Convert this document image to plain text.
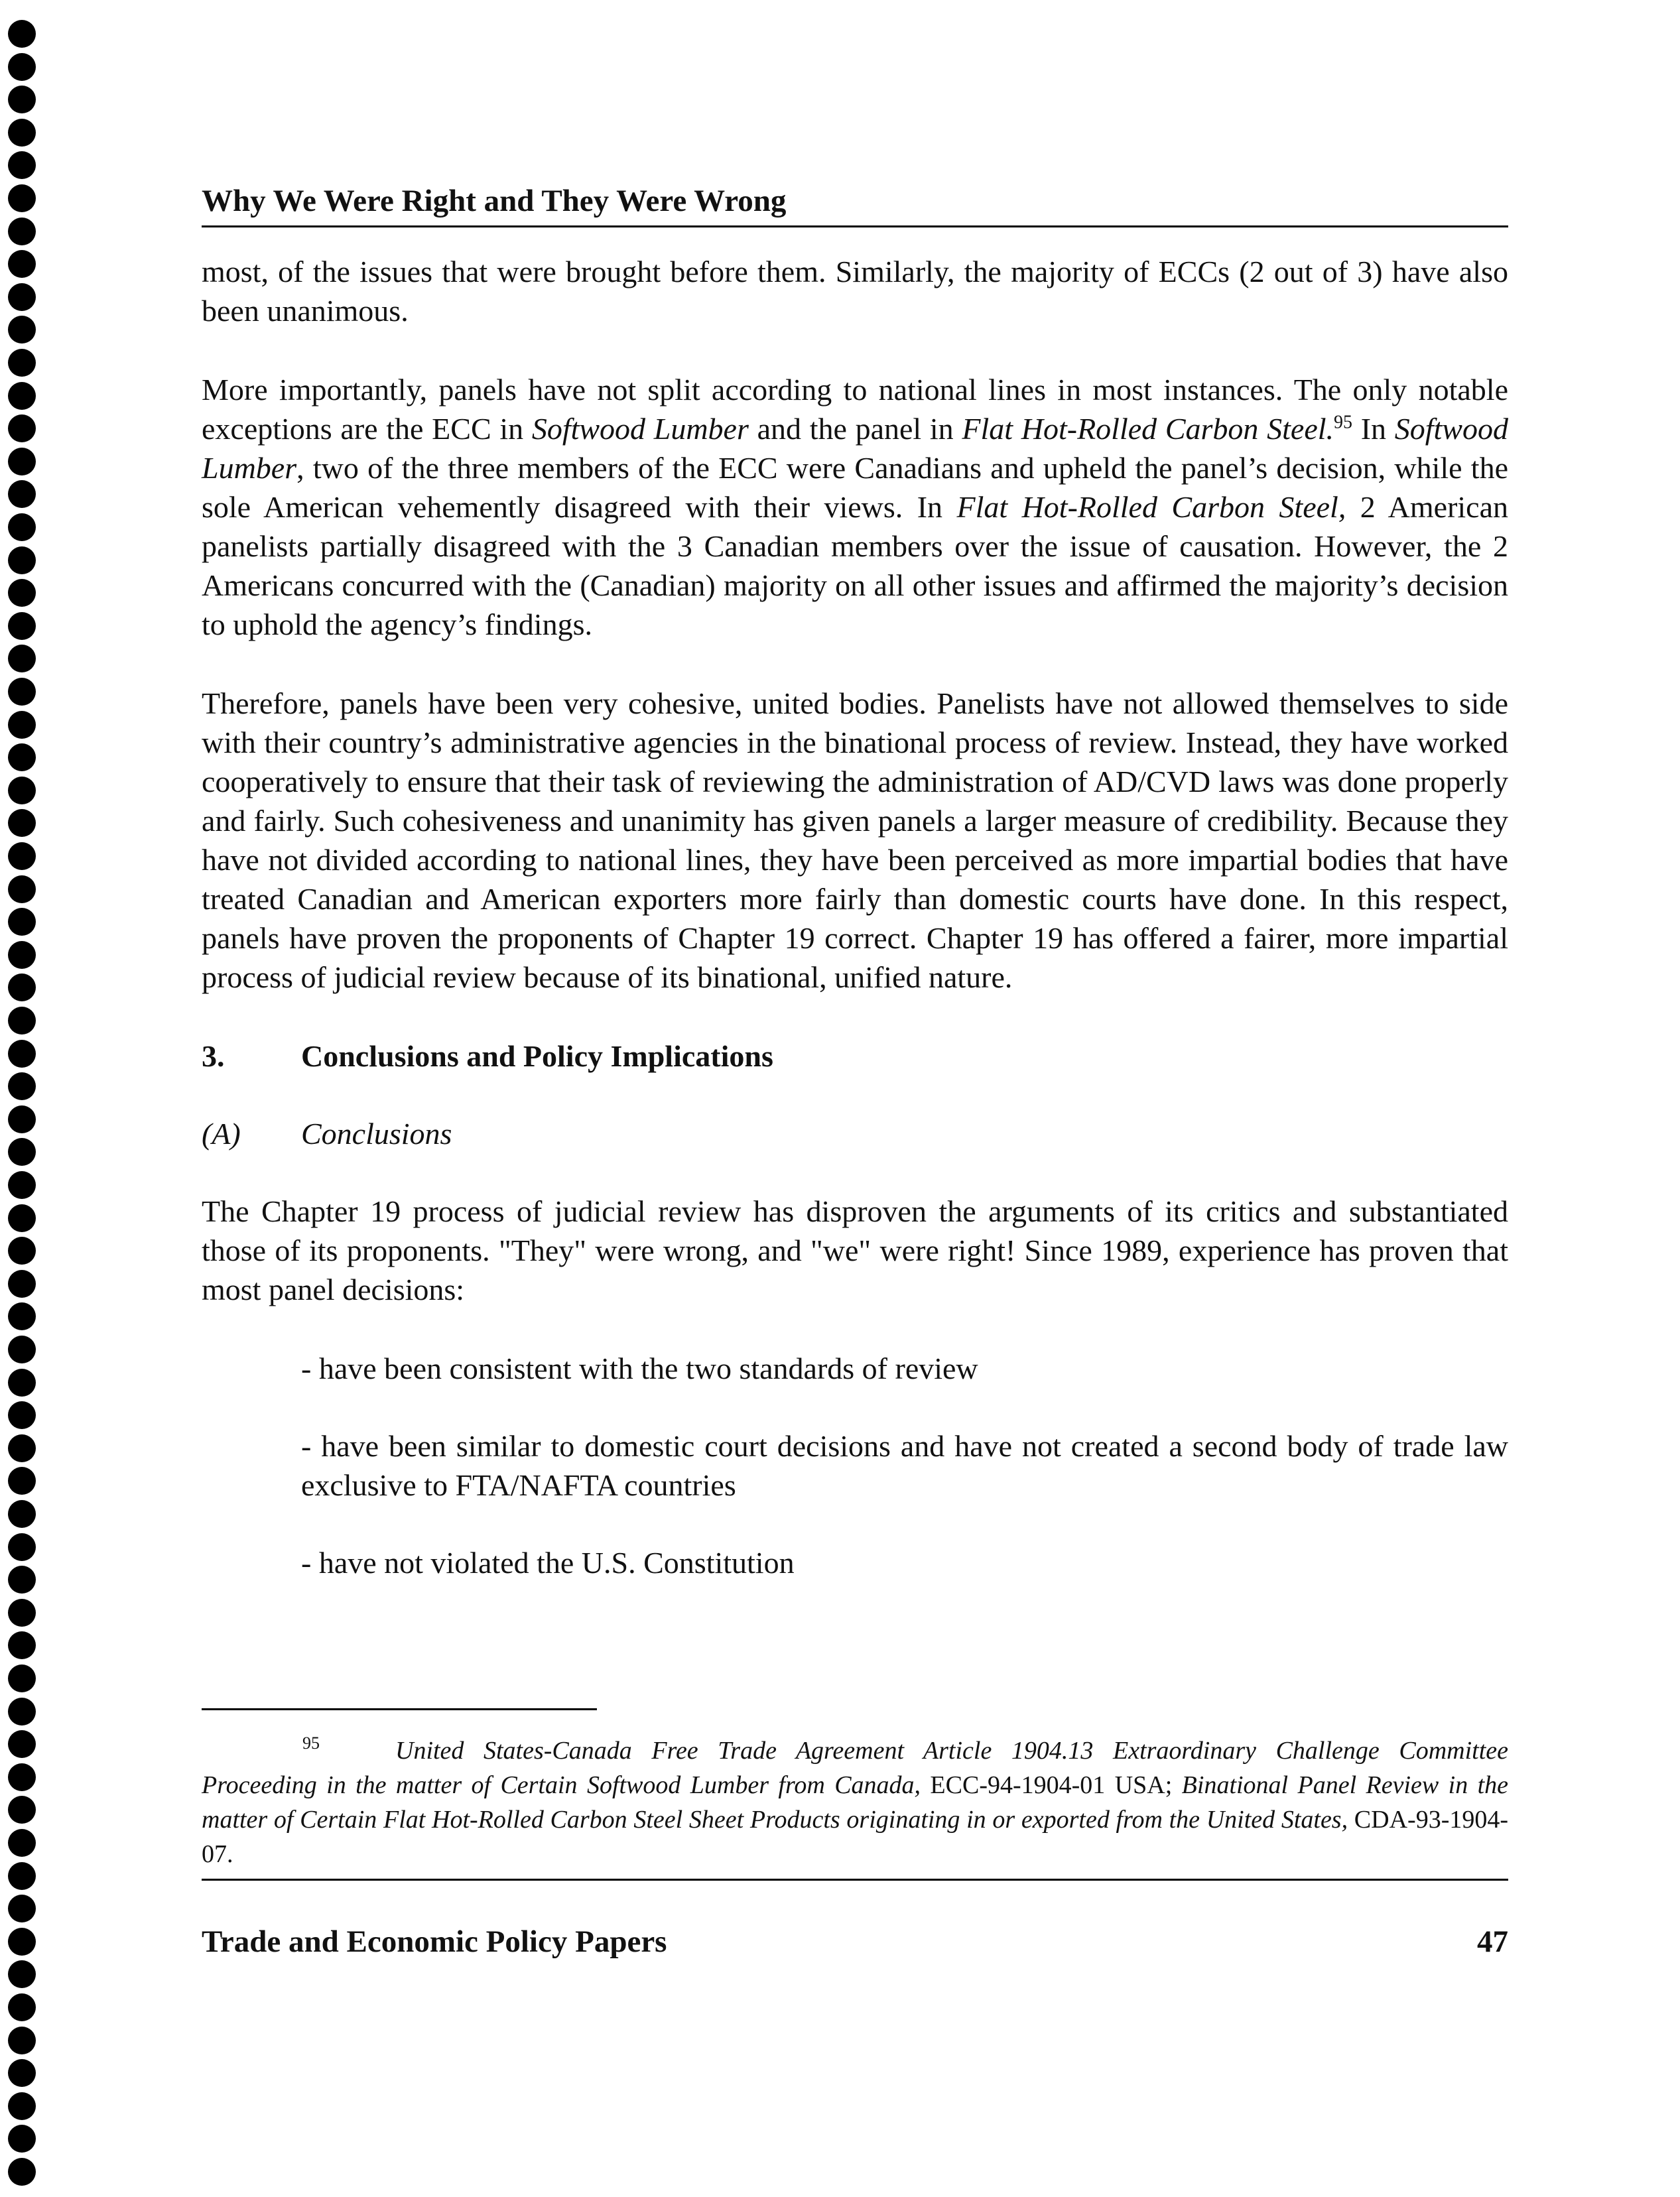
Why We Were Right and They Were Wrong

most, of the issues that were brought before them. Similarly, the majority of ECCs (2 out of 3) have also been unanimous.

More importantly, panels have not split according to national lines in most instances. The only notable exceptions are the ECC in Softwood Lumber and the panel in Flat Hot-Rolled Carbon Steel.$^{95}$ In Softwood Lumber, two of the three members of the ECC were Canadians and upheld the panel’s decision, while the sole American vehemently disagreed with their views. In Flat Hot-Rolled Carbon Steel, 2 American panelists partially disagreed with the 3 Canadian members over the issue of causation. However, the 2 Americans concurred with the (Canadian) majority on all other issues and affirmed the majority’s decision to uphold the agency’s findings.

Therefore, panels have been very cohesive, united bodies. Panelists have not allowed themselves to side with their country’s administrative agencies in the binational process of review. Instead, they have worked cooperatively to ensure that their task of reviewing the administration of AD/CVD laws was done properly and fairly. Such cohesiveness and unanimity has given panels a larger measure of credibility. Because they have not divided according to national lines, they have been perceived as more impartial bodies that have treated Canadian and American exporters more fairly than domestic courts have done. In this respect, panels have proven the proponents of Chapter 19 correct. Chapter 19 has offered a fairer, more impartial process of judicial review because of its binational, unified nature.

3.	Conclusions and Policy Implications
(A) Conclusions

The Chapter 19 process of judicial review has disproven the arguments of its critics and substantiated those of its proponents. "They" were wrong, and "we" were right! Since 1989, experience has proven that most panel decisions:

- have been consistent with the two standards of review

- have been similar to domestic court decisions and have not created a second body of trade law exclusive to FTA/NAFTA countries

- have not violated the U.S. Constitution

95	United States-Canada Free Trade Agreement Article 1904.13 Extraordinary Challenge Committee Proceeding in the matter of Certain Softwood Lumber from Canada, ECC-94-1904-01 USA; Binational Panel Review in the matter of Certain Flat Hot-Rolled Carbon Steel Sheet Products originating in or exported from the United States, CDA-93-1904-07.
Trade and Economic Policy Papers	47
